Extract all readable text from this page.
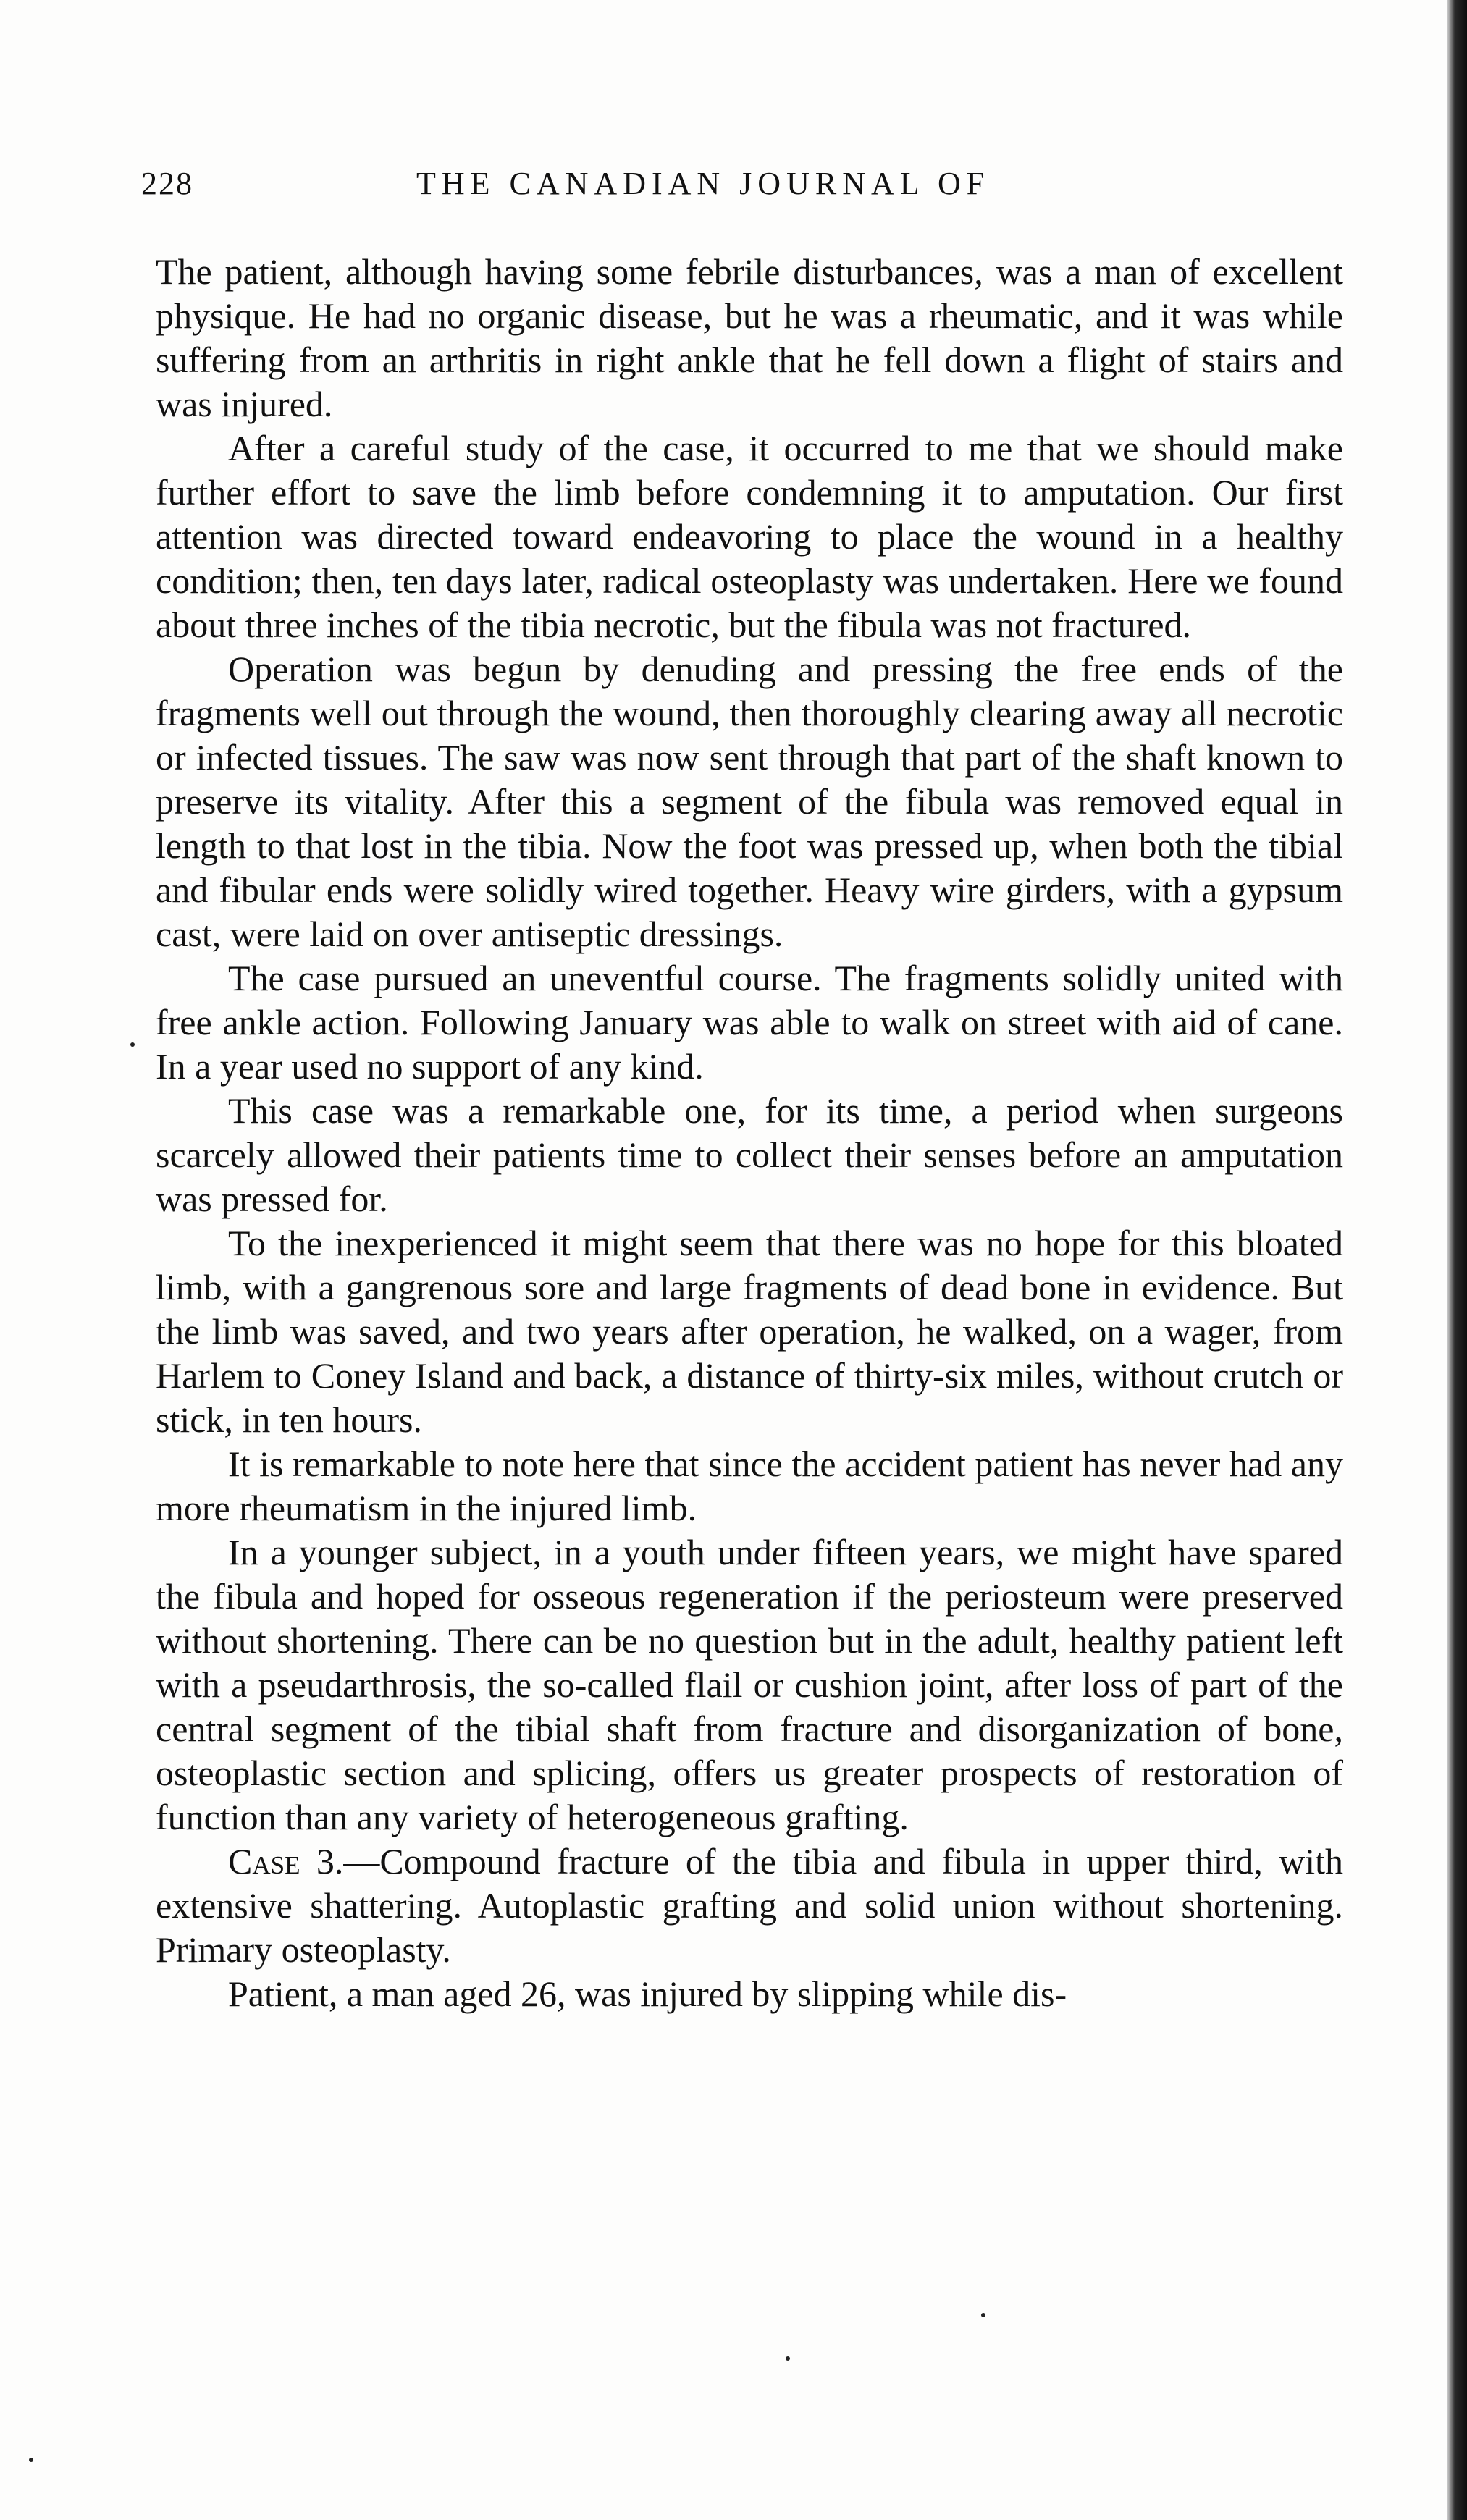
228	THE CANADIAN JOURNAL OF

The patient, although having some febrile disturbances, was a man of excellent physique. He had no organic disease, but he was a rheumatic, and it was while suffering from an arthritis in right ankle that he fell down a flight of stairs and was injured.

After a careful study of the case, it occurred to me that we should make further effort to save the limb before condemning it to amputation. Our first attention was directed toward endeavoring to place the wound in a healthy condition; then, ten days later, radical osteoplasty was undertaken. Here we found about three inches of the tibia necrotic, but the fibula was not fractured.

Operation was begun by denuding and pressing the free ends of the fragments well out through the wound, then thoroughly clearing away all necrotic or infected tissues. The saw was now sent through that part of the shaft known to preserve its vitality. After this a segment of the fibula was removed equal in length to that lost in the tibia. Now the foot was pressed up, when both the tibial and fibular ends were solidly wired together. Heavy wire girders, with a gypsum cast, were laid on over antiseptic dressings.

The case pursued an uneventful course. The fragments solidly united with free ankle action. Following January was able to walk on street with aid of cane. In a year used no support of any kind.

This case was a remarkable one, for its time, a period when surgeons scarcely allowed their patients time to collect their senses before an amputation was pressed for.

To the inexperienced it might seem that there was no hope for this bloated limb, with a gangrenous sore and large fragments of dead bone in evidence. But the limb was saved, and two years after operation, he walked, on a wager, from Harlem to Coney Island and back, a distance of thirty-six miles, without crutch or stick, in ten hours.

It is remarkable to note here that since the accident patient has never had any more rheumatism in the injured limb.

In a younger subject, in a youth under fifteen years, we might have spared the fibula and hoped for osseous regeneration if the periosteum were preserved without shortening. There can be no question but in the adult, healthy patient left with a pseudarthrosis, the so-called flail or cushion joint, after loss of part of the central segment of the tibial shaft from fracture and disorganization of bone, osteoplastic section and splicing, offers us greater prospects of restoration of function than any variety of heterogeneous grafting.

Case 3.—Compound fracture of the tibia and fibula in upper third, with extensive shattering. Autoplastic grafting and solid union without shortening. Primary osteoplasty.

Patient, a man aged 26, was injured by slipping while dis-
